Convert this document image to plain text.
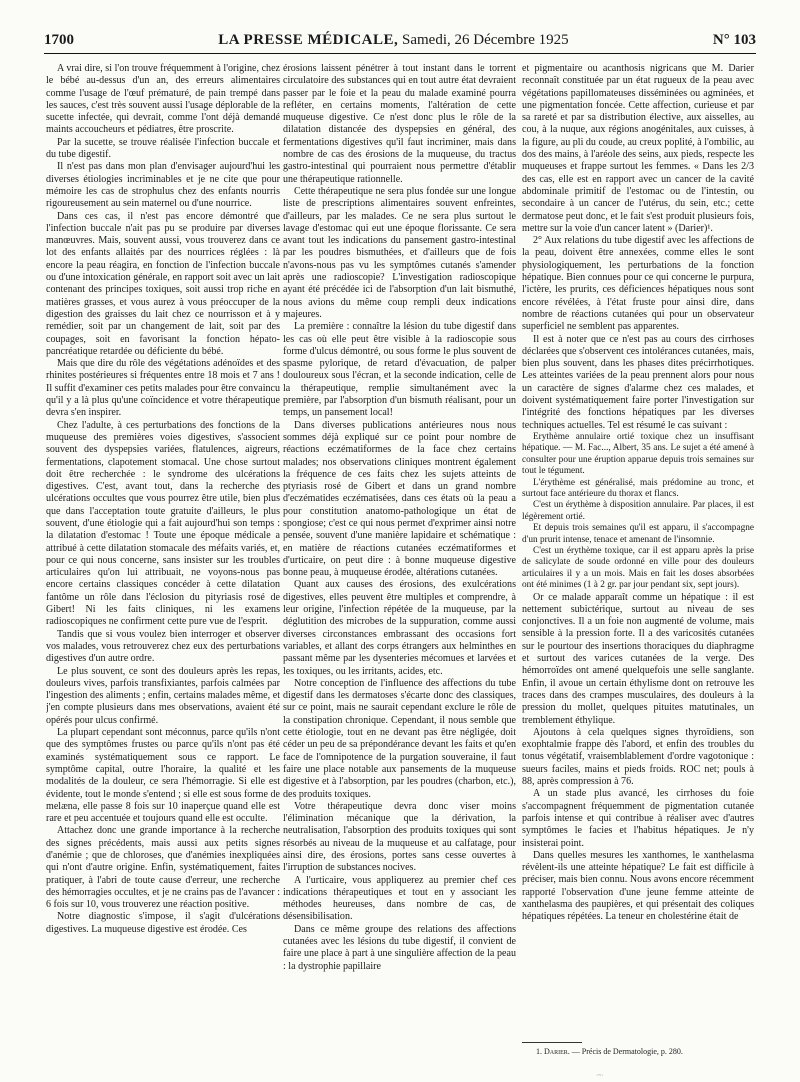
1700	LA PRESSE MÉDICALE, Samedi, 26 Décembre 1925	N° 103

A vrai dire, si l'on trouve fréquemment à l'origine, chez le bébé au-dessus d'un an, des erreurs alimentaires comme l'usage de l'œuf prématuré, de pain trempé dans les sauces, c'est très souvent aussi l'usage déplorable de la sucette infectée, qui devrait, comme l'ont déjà demandé maints accoucheurs et pédiatres, être proscrite.

Par la sucette, se trouve réalisée l'infection buccale et du tube digestif.

Il n'est pas dans mon plan d'envisager aujourd'hui les diverses étiologies incriminables et je ne cite que pour mémoire les cas de strophulus chez des enfants nourris rigoureusement au sein maternel ou d'une nourrice.

Dans ces cas, il n'est pas encore démontré que l'infection buccale n'ait pas pu se produire par diverses manœuvres. Mais, souvent aussi, vous trouverez dans ce lot des enfants allaités par des nourrices réglées : là encore la peau réagira, en fonction de l'infection buccale ou d'une intoxication générale, en rapport soit avec un lait contenant des principes toxiques, soit aussi trop riche en matières grasses, et vous aurez à vous préoccuper de la digestion des graisses du lait chez ce nourrisson et à y remédier, soit par un changement de lait, soit par des coupages, soit en favorisant la fonction hépato-pancréatique retardée ou déficiente du bébé.

Mais que dire du rôle des végétations adénoïdes et des rhinites postérieures si fréquentes entre 18 mois et 7 ans ! Il suffit d'examiner ces petits malades pour être convaincu qu'il y a là plus qu'une coïncidence et votre thérapeutique devra s'en inspirer.

Chez l'adulte, à ces perturbations des fonctions de la muqueuse des premières voies digestives, s'associent souvent des dyspepsies variées, flatulences, aigreurs, fermentations, clapotement stomacal. Une chose surtout doit être recherchée : le syndrome des ulcérations digestives. C'est, avant tout, dans la recherche des ulcérations occultes que vous pourrez être utile, bien plus que dans l'acceptation toute gratuite d'ailleurs, le plus souvent, d'une étiologie qui a fait aujourd'hui son temps : la dilatation d'estomac ! Toute une époque médicale a attribué à cette dilatation stomacale des méfaits variés, et, pour ce qui nous concerne, sans insister sur les troubles articulaires qu'on lui attribuait, ne voyons-nous pas encore certains classiques concéder à cette dilatation fantôme un rôle dans l'éclosion du pityriasis rosé de Gibert! Ni les faits cliniques, ni les examens radioscopiques ne confirment cette pure vue de l'esprit.

Tandis que si vous voulez bien interroger et observer vos malades, vous retrouverez chez eux des perturbations digestives d'un autre ordre.

Le plus souvent, ce sont des douleurs après les repas, douleurs vives, parfois transfixiantes, parfois calmées par l'ingestion des aliments ; enfin, certains malades même, et j'en compte plusieurs dans mes observations, avaient été opérés pour ulcus confirmé.

La plupart cependant sont méconnus, parce qu'ils n'ont que des symptômes frustes ou parce qu'ils n'ont pas été examinés systématiquement sous ce rapport. Le symptôme capital, outre l'horaire, la qualité et les modalités de la douleur, ce sera l'hémorragie. Si elle est évidente, tout le monde s'entend ; si elle est sous forme de melæna, elle passe 8 fois sur 10 inaperçue quand elle est rare et peu accentuée et toujours quand elle est occulte.

Attachez donc une grande importance à la recherche des signes précédents, mais aussi aux petits signes d'anémie ; que de chloroses, que d'anémies inexpliquées qui n'ont d'autre origine. Enfin, systématiquement, faites pratiquer, à l'abri de toute cause d'erreur, une recherche des hémorragies occultes, et je ne crains pas de l'avancer : 6 fois sur 10, vous trouverez une réaction positive.

Notre diagnostic s'impose, il s'agit d'ulcérations digestives. La muqueuse digestive est érodée. Ces

érosions laissent pénétrer à tout instant dans le torrent circulatoire des substances qui en tout autre état devraient passer par le foie et la peau du malade examiné pourra refléter, en certains moments, l'altération de cette muqueuse digestive. Ce n'est donc plus le rôle de la dilatation distancée des dyspepsies en général, des fermentations digestives qu'il faut incriminer, mais dans nombre de cas des érosions de la muqueuse, du tractus gastro-intestinal qui pourraient nous permettre d'établir une thérapeutique rationnelle.

Cette thérapeutique ne sera plus fondée sur une longue liste de prescriptions alimentaires souvent enfreintes, d'ailleurs, par les malades. Ce ne sera plus surtout le lavage d'estomac qui eut une époque florissante. Ce sera avant tout les indications du pansement gastro-intestinal par les poudres bismuthées, et d'ailleurs que de fois n'avons-nous pas vu les symptômes cutanés s'amender après une radioscopie? L'investigation radioscopique ayant été précédée ici de l'absorption d'un lait bismuthé, nous avions du même coup rempli deux indications majeures.

La première : connaître la lésion du tube digestif dans les cas où elle peut être visible à la radioscopie sous forme d'ulcus démontré, ou sous forme le plus souvent de spasme pylorique, de retard d'évacuation, de palper douloureux sous l'écran, et la seconde indication, celle de la thérapeutique, remplie simultanément avec la première, par l'absorption d'un bismuth réalisant, pour un temps, un pansement local!

Dans diverses publications antérieures nous nous sommes déjà expliqué sur ce point pour nombre de réactions eczématiformes de la face chez certains malades; nos observations cliniques montrent également la fréquence de ces faits chez les sujets atteints de ptyriasis rosé de Gibert et dans un grand nombre d'eczématides eczématisées, dans ces états où la peau a pour constitution anatomo-pathologique un état de spongiose; c'est ce qui nous permet d'exprimer ainsi notre pensée, souvent d'une manière lapidaire et schématique : en matière de réactions cutanées eczématiformes et d'urticaire, on peut dire : à bonne muqueuse digestive bonne peau, à muqueuse érodée, altérations cutanées.

Quant aux causes des érosions, des exulcérations digestives, elles peuvent être multiples et comprendre, à leur origine, l'infection répétée de la muqueuse, par la déglutition des microbes de la suppuration, comme aussi diverses circonstances embrassant des occasions fort variables, et allant des corps étrangers aux helminthes en passant même par les dysenteries mécomues et larvées et les toxiques, ou les irritants, acides, etc.

Notre conception de l'influence des affections du tube digestif dans les dermatoses s'écarte donc des classiques, sur ce point, mais ne saurait cependant exclure le rôle de la constipation chronique. Cependant, il nous semble que cette étiologie, tout en ne devant pas être négligée, doit céder un peu de sa prépondérance devant les faits et qu'en face de l'omnipotence de la purgation souveraine, il faut faire une place notable aux pansements de la muqueuse digestive et à l'absorption, par les poudres (charbon, etc.), des produits toxiques.

Votre thérapeutique devra donc viser moins l'élimination mécanique que la dérivation, la neutralisation, l'absorption des produits toxiques qui sont résorbés au niveau de la muqueuse et au calfatage, pour ainsi dire, des érosions, portes sans cesse ouvertes à l'irruption de substances nocives.

A l'urticaire, vous appliquerez au premier chef ces indications thérapeutiques et tout en y associant les méthodes heureuses, dans nombre de cas, de désensibilisation.

Dans ce même groupe des relations des affections cutanées avec les lésions du tube digestif, il convient de faire une place à part à une singulière affection de la peau : la dystrophie papillaire

et pigmentaire ou acanthosis nigricans que M. Darier reconnaît constituée par un état rugueux de la peau avec végétations papillomateuses disséminées ou agminées, et une pigmentation foncée. Cette affection, curieuse et par sa rareté et par sa distribution élective, aux aisselles, au cou, à la nuque, aux régions anogénitales, aux cuisses, à la figure, au pli du coude, au creux poplité, à l'ombilic, au dos des mains, à l'aréole des seins, aux pieds, respecte les muqueuses et frappe surtout les femmes. « Dans les 2/3 des cas, elle est en rapport avec un cancer de la cavité abdominale primitif de l'estomac ou de l'intestin, ou secondaire à un cancer de l'utérus, du sein, etc.; cette dermatose peut donc, et le fait s'est produit plusieurs fois, mettre sur la voie d'un cancer latent » (Darier)¹.

2° Aux relations du tube digestif avec les affections de la peau, doivent être annexées, comme elles le sont physiologiquement, les perturbations de la fonction hépatique. Bien connues pour ce qui concerne le purpura, l'ictère, les prurits, ces déficiences hépatiques nous sont encore révélées, à l'état fruste pour ainsi dire, dans nombre de réactions cutanées qui pour un observateur superficiel ne semblent pas apparentes.

Il est à noter que ce n'est pas au cours des cirrhoses déclarées que s'observent ces intolérances cutanées, mais, bien plus souvent, dans les phases dites précirrhotiques. Les atteintes variées de la peau prennent alors pour nous un caractère de signes d'alarme chez ces malades, et doivent systématiquement faire porter l'investigation sur l'intégrité des fonctions hépatiques par les diverses techniques actuelles. Tel est résumé le cas suivant :

Erythème annulaire ortié toxique chez un insuffisant hépatique. — M. Fac..., Albert, 35 ans. Le sujet a été amené à consulter pour une éruption apparue depuis trois semaines sur tout le tégument.

L'érythème est généralisé, mais prédomine au tronc, et surtout face antérieure du thorax et flancs.

C'est un érythème à disposition annulaire. Par places, il est légèrement ortié.

Et depuis trois semaines qu'il est apparu, il s'accompagne d'un prurit intense, tenace et amenant de l'insomnie.

C'est un érythème toxique, car il est apparu après la prise de salicylate de soude ordonné en ville pour des douleurs articulaires il y a un mois. Mais en fait les doses absorbées ont été minimes (1 à 2 gr. par jour pendant six, sept jours).

Or ce malade apparaît comme un hépatique : il est nettement subictérique, surtout au niveau de ses conjonctives. Il a un foie non augmenté de volume, mais sensible à la pression forte. Il a des varicosités cutanées sur le pourtour des insertions thoraciques du diaphragme et surtout des varices cutanées de la verge. Des hémorroïdes ont amené quelquefois une selle sanglante. Enfin, il avoue un certain éthylisme dont on retrouve les traces dans des crampes musculaires, des douleurs à la pression du mollet, quelques pituites matutinales, un tremblement éthylique.

Ajoutons à cela quelques signes thyroïdiens, son exophtalmie frappe dès l'abord, et enfin des troubles du tonus végétatif, vraisemblablement d'ordre vagotonique : sueurs faciles, mains et pieds froids. ROC net; pouls à 88, après compression à 76.

A un stade plus avancé, les cirrhoses du foie s'accompagnent fréquemment de pigmentation cutanée parfois intense et qui contribue à réaliser avec d'autres symptômes le facies et l'habitus hépatiques. Je n'y insisterai point.

Dans quelles mesures les xanthomes, le xanthelasma révèlent-ils une atteinte hépatique? Le fait est difficile à préciser, mais bien connu. Nous avons encore récemment rapporté l'observation d'une jeune femme atteinte de xanthelasma des paupières, et qui présentait des coliques hépatiques répétées. La teneur en cholestérine était de

1. Darier. — Précis de Dermatologie, p. 280.
·~·
